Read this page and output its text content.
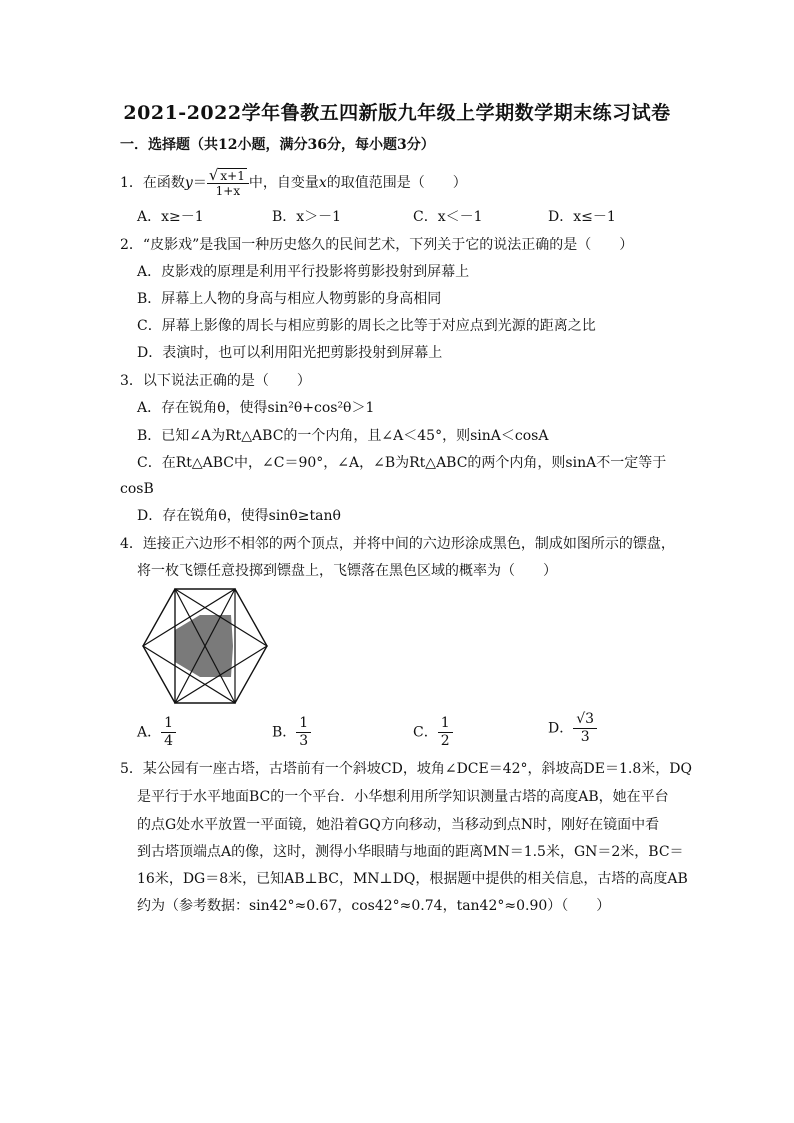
2021-2022学年鲁教五四新版九年级上学期数学期末练习试卷
一．选择题（共12小题，满分36分，每小题3分）
1．在函数$y= \frac{√ x+1}{1+x}$ 中，自变量x的取值范围是（　　）
A．x≥－1	B．x＞－1	C．x＜－1	D．x≤－1
2．“皮影戏”是我国一种历史悠久的民间艺术，下列关于它的说法正确的是（　　）
A．皮影戏的原理是利用平行投影将剪影投射到屏幕上
B．屏幕上人物的身高与相应人物剪影的身高相同
C．屏幕上影像的周长与相应剪影的周长之比等于对应点到光源的距离之比
D．表演时，也可以利用阳光把剪影投射到屏幕上
3．以下说法正确的是（　　）
A．存在锐角θ，使得sin²θ+cos²θ＞1
B．已知∠A为Rt△ABC的一个内角，且∠A＜45°，则sinA＜cosA
C．在Rt△ABC中，∠C＝90°，∠A，∠B为Rt△ABC的两个内角，则sinA不一定等于
cosB
D．存在锐角θ，使得sinθ≥tanθ
4．连接正六边形不相邻的两个顶点，并将中间的六边形涂成黑色，制成如图所示的镖盘，
将一枚飞镖任意投掷到镖盘上，飞镖落在黑色区域的概率为（　　）
A． $\frac{1}{4}$	B． $\frac{1}{3}$	C． $\frac{1}{2}$	D． $\frac{√3}{3}$
5．某公园有一座古塔，古塔前有一个斜坡CD，坡角∠DCE＝42°，斜坡高DE＝1.8米，DQ
是平行于水平地面BC的一个平台．小华想利用所学知识测量古塔的高度AB，她在平台
的点G处水平放置一平面镜，她沿着GQ方向移动，当移动到点N时，刚好在镜面中看
到古塔顶端点A的像，这时，测得小华眼睛与地面的距离MN＝1.5米，GN＝2米，BC＝
16米，DG＝8米，已知AB⊥BC，MN⊥DQ，根据题中提供的相关信息，古塔的高度AB
约为（参考数据：sin42°≈0.67，cos42°≈0.74，tan42°≈0.90）（　　）
